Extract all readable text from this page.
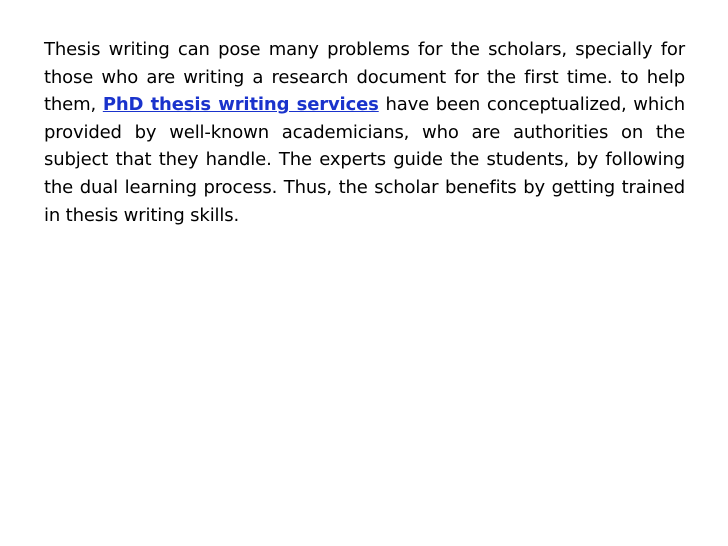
Thesis writing can pose many problems for the scholars, specially for those who are writing a research document for the first time. to help them, PhD thesis writing services have been conceptualized, which provided by well-known academicians, who are authorities on the subject that they handle. The experts guide the students, by following the dual learning process. Thus, the scholar benefits by getting trained in thesis writing skills.
